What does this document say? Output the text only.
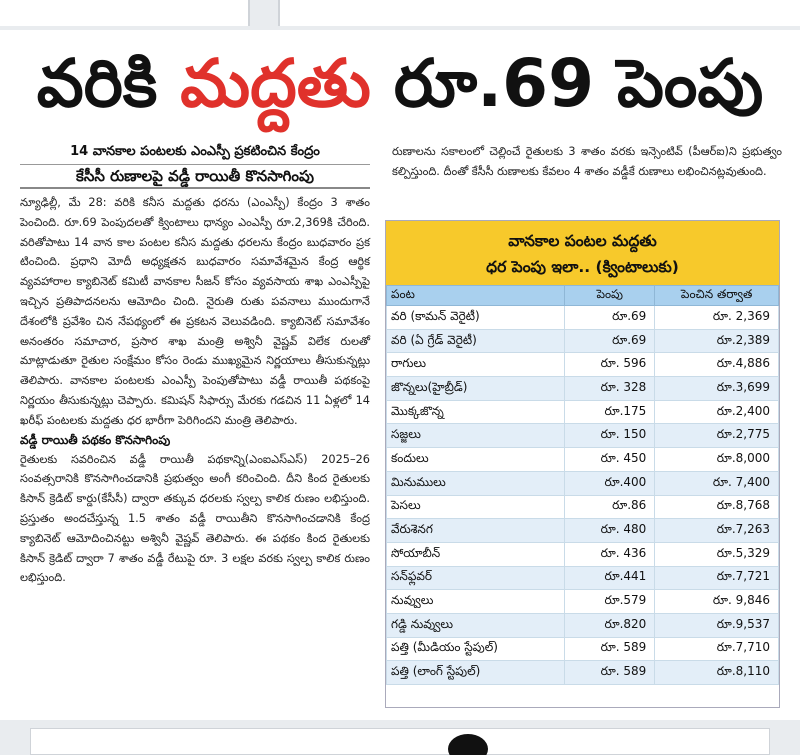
వరికి మద్దతు రూ.69 పెంపు
14 వానకాల పంటలకు ఎంఎస్పీ ప్రకటించిన కేంద్రం
కేసీసీ రుణాలపై వడ్డీ రాయితీ కొనసాగింపు

న్యూఢిల్లీ, మే 28: వరికి కనీస మద్దతు ధరను (ఎంఎస్పీ) కేంద్రం 3 శాతం పెంచింది. రూ.69 పెంపుదలతో క్వింటాలు ధాన్యం ఎంఎస్పీ రూ.2,369కి చేరింది. వరితోపాటు 14 వాన కాల పంటల కనీస మద్దతు ధరలను కేంద్రం బుధవారం ప్రక టించింది. ప్రధాని మోదీ అధ్యక్షతన బుధవారం సమావేశమైన కేంద్ర ఆర్థిక వ్యవహారాల క్యాబినెట్ కమిటీ వానకాల సీజన్ కోసం వ్యవసాయ శాఖ ఎంఎస్పీపై ఇచ్చిన ప్రతిపాదనలను ఆమోదిం చింది. నైరుతి రుతు పవనాలు ముందుగానే దేశంలోకి ప్రవేశిం చిన నేపథ్యంలో ఈ ప్రకటన వెలువడింది. క్యాబినెట్ సమావేశం అనంతరం సమాచార, ప్రసార శాఖ మంత్రి అశ్వినీ వైష్ణవ్ విలేక రులతో మాట్లాడుతూ రైతుల సంక్షేమం కోసం రెండు ముఖ్యమైన నిర్ణయాలు తీసుకున్నట్లు తెలిపారు. వానకాల పంటలకు ఎంఎస్పీ పెంపుతోపాటు వడ్డీ రాయితీ పథకంపై నిర్ణయం తీసుకున్నట్లు చెప్పారు. కమిషన్ సిఫార్సు మేరకు గడచిన 11 ఏళ్లలో 14 ఖరీఫ్ పంటలకు మద్దతు ధర భారీగా పెరిగిందని మంత్రి తెలిపారు.

వడ్డీ రాయితీ పథకం కొనసాగింపు

రైతులకు సవరించిన వడ్డీ రాయితీ పథకాన్ని(ఎంఐఎస్ఎస్) 2025–26 సంవత్సరానికి కొనసాగించడానికి ప్రభుత్వం అంగీ కరించింది. దీని కింద రైతులకు కిసాన్ క్రెడిట్ కార్డు(కేసీసీ) ద్వారా తక్కువ ధరలకు స్వల్ప కాలిక రుణం లభిస్తుంది. ప్రస్తుతం అందచేస్తున్న 1.5 శాతం వడ్డీ రాయితీని కొనసాగించడానికి కేంద్ర క్యాబినెట్ ఆమోదించినట్టు అశ్వినీ వైష్ణవ్ తెలిపారు. ఈ పథకం కింద రైతులకు కిసాన్ క్రెడిట్ ద్వారా 7 శాతం వడ్డీ రేటుపై రూ. 3 లక్షల వరకు స్వల్ప కాలిక రుణం లభిస్తుంది.

రుణాలను సకాలంలో చెల్లించే రైతులకు 3 శాతం వరకు ఇన్సెంటివ్ (పీఆర్ఐ)ని ప్రభుత్వం కల్పిస్తుంది. దీంతో కేసీసీ రుణాలకు కేవలం 4 శాతం వడ్డీకే రుణాలు లభించినట్లవుతుంది.

వానకాల పంటల మద్దతు
ధర పెంపు ఇలా.. (క్వింటాలుకు)
పంట	పెంపు	పెంచిన తర్వాత
వరి (కామన్ వెరైటీ)	రూ.69	రూ. 2,369
వరి (ఏ గ్రేడ్ వెరైటీ)	రూ.69	రూ.2,389
రాగులు	రూ. 596	రూ.4,886
జొన్నలు(హైబ్రీడ్)	రూ. 328	రూ.3,699
మొక్కజొన్న	రూ.175	రూ.2,400
సజ్జలు	రూ. 150	రూ.2,775
కందులు	రూ. 450	రూ.8,000
మినుములు	రూ.400	రూ. 7,400
పెసలు	రూ.86	రూ.8,768
వేరుశెనగ	రూ. 480	రూ.7,263
సోయాబీన్	రూ. 436	రూ.5,329
సన్‌ఫ్లవర్	రూ.441	రూ.7,721
నువ్వులు	రూ.579	రూ. 9,846
గడ్డి నువ్వులు	రూ.820	రూ.9,537
పత్తి (మీడియం స్టేపుల్)	రూ. 589	రూ.7,710
పత్తి (లాంగ్ స్టేపుల్)	రూ. 589	రూ.8,110
